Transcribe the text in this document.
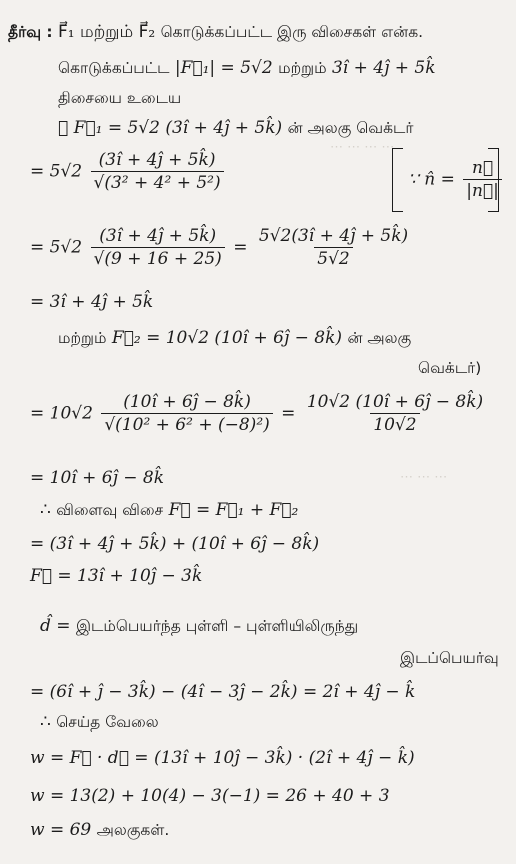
⋯ ⋯ ⋯ ⋯
⋯ ⋯ ⋯
தீர்வு : F⃗₁ மற்றும் F⃗₂ கொடுக்கப்பட்ட இரு விசைகள் என்க.
கொடுக்கப்பட்ட |F⃗₁| = 5√2 மற்றும் 3î + 4ĵ + 5k̂
திசையை உடைய
∴ F⃗₁ = 5√2 (3î + 4ĵ + 5k̂) ன் அலகு வெக்டர்
= $5√2 \frac{(3î + 4ĵ + 5k̂)}{\text{√(3² + 4² + 5²)}}$	∵ n̂ = $\frac{n⃗}{|n⃗|}$
= $5√2 \frac{(3î + 4ĵ + 5k̂)}{√(9 + 16 + 25)} = \frac{5√2(3î + 4ĵ + 5k̂)}{5√2}$
= 3î + 4ĵ + 5k̂
மற்றும் F⃗₂ = 10√2 (10î + 6ĵ − 8k̂) ன் அலகு
வெக்டர்)
= $10√2 \frac{(10î + 6ĵ - 8k̂)}{\text{√(10² + 6² + (−8)²)}} = \frac{10√2 (10î + 6ĵ - 8k̂)}{10√2}$
= 10î + 6ĵ − 8k̂
∴ விளைவு விசை F⃗ = F⃗₁ + F⃗₂
= (3î + 4ĵ + 5k̂) + (10î + 6ĵ − 8k̂)
F⃗ = 13î + 10ĵ − 3k̂
d̂ = இடம்பெயர்ந்த புள்ளி – புள்ளியிலிருந்து
இடப்பெயர்வு
= (6î + ĵ − 3k̂) − (4î − 3ĵ − 2k̂) = 2î + 4ĵ − k̂
∴ செய்த வேலை
w = F⃗ · d⃗ = (13î + 10ĵ − 3k̂) · (2î + 4ĵ − k̂)
w = 13(2) + 10(4) − 3(−1) = 26 + 40 + 3
w = 69 அலகுகள்.
